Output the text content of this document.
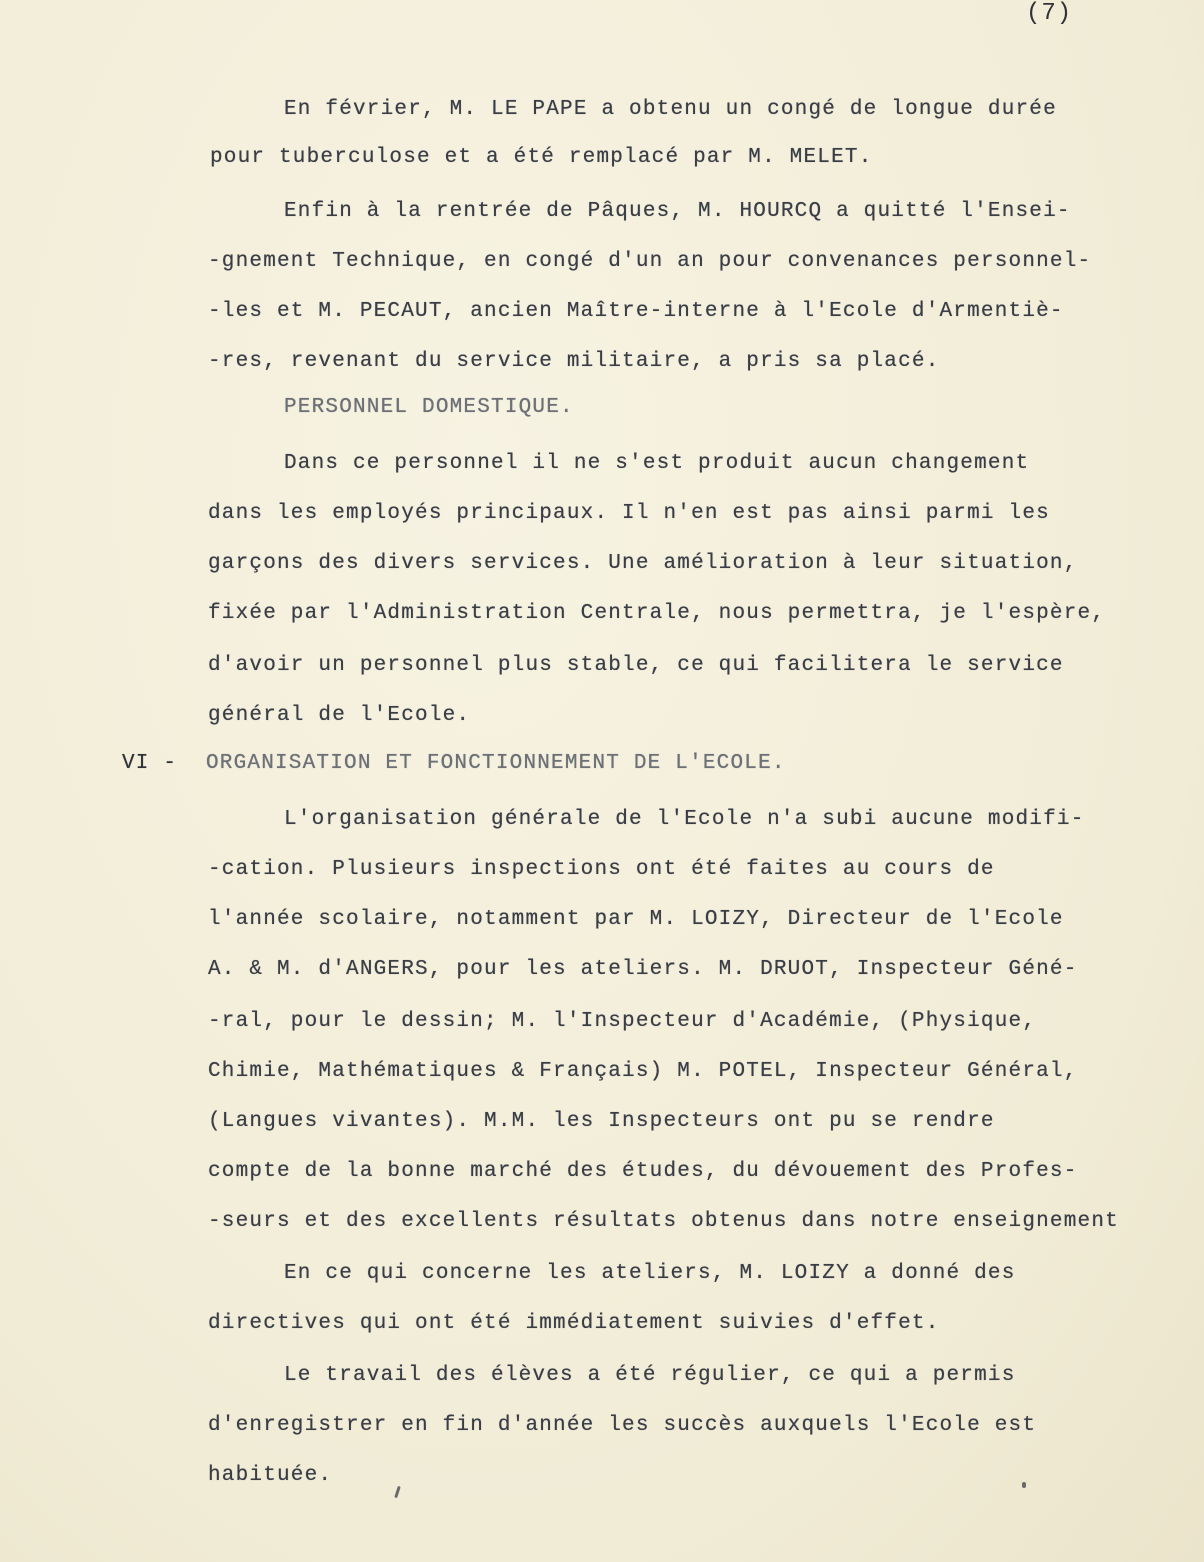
(7)
En février, M. LE PAPE a obtenu un congé de longue durée
pour tuberculose et a été remplacé par M. MELET.
Enfin à la rentrée de Pâques, M. HOURCQ a quitté l'Ensei-
-gnement Technique, en congé d'un an pour convenances personnel-
-les et M. PECAUT, ancien Maître-interne à l'Ecole d'Armentiè-
-res, revenant du service militaire, a pris sa placé.
PERSONNEL DOMESTIQUE.
Dans ce personnel il ne s'est produit aucun changement
dans les employés principaux. Il n'en est pas ainsi parmi les
garçons des divers services. Une amélioration à leur situation,
fixée par l'Administration Centrale, nous permettra, je l'espère,
d'avoir un personnel plus stable, ce qui facilitera le service
général de l'Ecole.
VI - ORGANISATION ET FONCTIONNEMENT DE L'ECOLE.
L'organisation générale de l'Ecole n'a subi aucune modifi-
-cation. Plusieurs inspections ont été faites au cours de
l'année scolaire, notamment par M. LOIZY, Directeur de l'Ecole
A. & M. d'ANGERS, pour les ateliers. M. DRUOT, Inspecteur Géné-
-ral, pour le dessin; M. l'Inspecteur d'Académie, (Physique,
Chimie, Mathématiques & Français) M. POTEL, Inspecteur Général,
(Langues vivantes). M.M. les Inspecteurs ont pu se rendre
compte de la bonne marché des études, du dévouement des Profes-
-seurs et des excellents résultats obtenus dans notre enseignement
En ce qui concerne les ateliers, M. LOIZY a donné des
directives qui ont été immédiatement suivies d'effet.
Le travail des élèves a été régulier, ce qui a permis
d'enregistrer en fin d'année les succès auxquels l'Ecole est
habituée.
